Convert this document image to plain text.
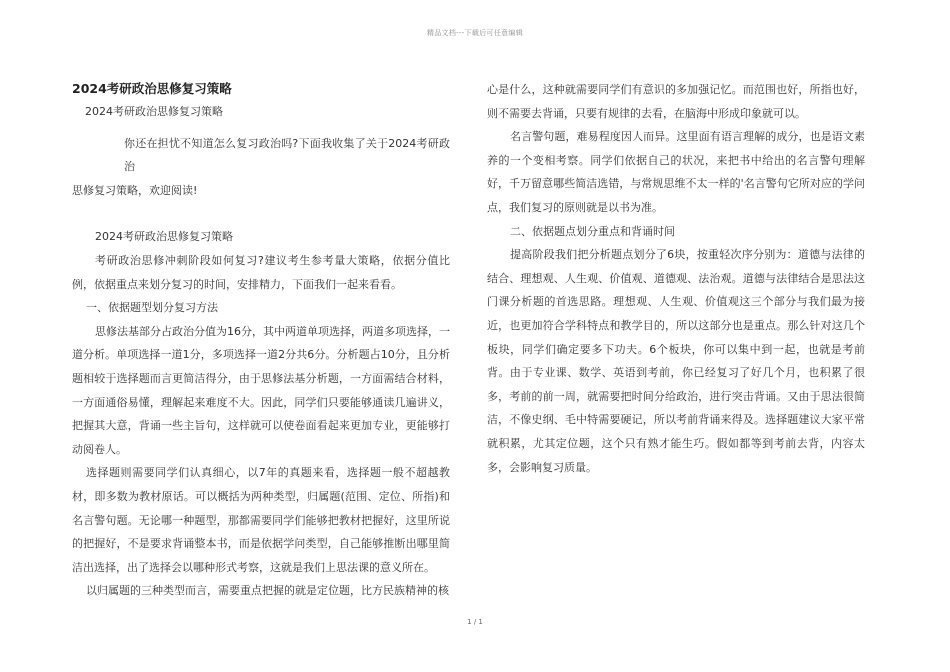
精品文档---下载后可任意编辑

2024考研政治思修复习策略

2024考研政治思修复习策略

你还在担忧不知道怎么复习政治吗?下面我收集了关于2024考研政治
思修复习策略，欢迎阅读!

2024考研政治思修复习策略

考研政治思修冲刺阶段如何复习?建议考生参考量大策略，依据分值比例，依据重点来划分复习的时间，安排精力，下面我们一起来看看。

一、依据题型划分复习方法

思修法基部分占政治分值为16分，其中两道单项选择，两道多项选择，一道分析。单项选择一道1分，多项选择一道2分共6分。分析题占10分，且分析题相较于选择题而言更简洁得分，由于思修法基分析题，一方面需结合材料，一方面通俗易懂，理解起来难度不大。因此，同学们只要能够通读几遍讲义，把握其大意，背诵一些主旨句，这样就可以使卷面看起来更加专业，更能够打动阅卷人。

选择题则需要同学们认真细心，以7年的真题来看，选择题一般不超越教材，即多数为教材原话。可以概括为两种类型，归属题(范围、定位、所指)和名言警句题。无论哪一种题型，那都需要同学们能够把教材把握好，这里所说的把握好，不是要求背诵整本书，而是依据学问类型，自己能够推断出哪里简洁出选择，出了选择会以哪种形式考察，这就是我们上思法课的意义所在。

以归属题的三种类型而言，需要重点把握的就是定位题，比方民族精神的核

心是什么，这种就需要同学们有意识的多加强记忆。而范围也好，所指也好，则不需要去背诵，只要有规律的去看，在脑海中形成印象就可以。

名言警句题，难易程度因人而异。这里面有语言理解的成分，也是语文素养的一个变相考察。同学们依据自己的状况，来把书中给出的名言警句理解好，千万留意哪些简洁选错，与常规思维不太一样的'名言警句它所对应的学问点，我们复习的原则就是以书为准。

二、依据题点划分重点和背诵时间

提高阶段我们把分析题点划分了6块，按重轻次序分别为：道德与法律的结合、理想观、人生观、价值观、道德观、法治观。道德与法律结合是思法这门课分析题的首选思路。理想观、人生观、价值观这三个部分与我们最为接近，也更加符合学科特点和教学目的，所以这部分也是重点。那么针对这几个板块，同学们确定要多下功夫。6个板块，你可以集中到一起，也就是考前背。由于专业课、数学、英语到考前，你已经复习了好几个月，也积累了很多，考前的前一周，就需要把时间分给政治，进行突击背诵。又由于思法很简洁，不像史纲、毛中特需要硬记，所以考前背诵来得及。选择题建议大家平常就积累，尤其定位题，这个只有熟才能生巧。假如都等到考前去背，内容太多，会影响复习质量。

1 / 1
